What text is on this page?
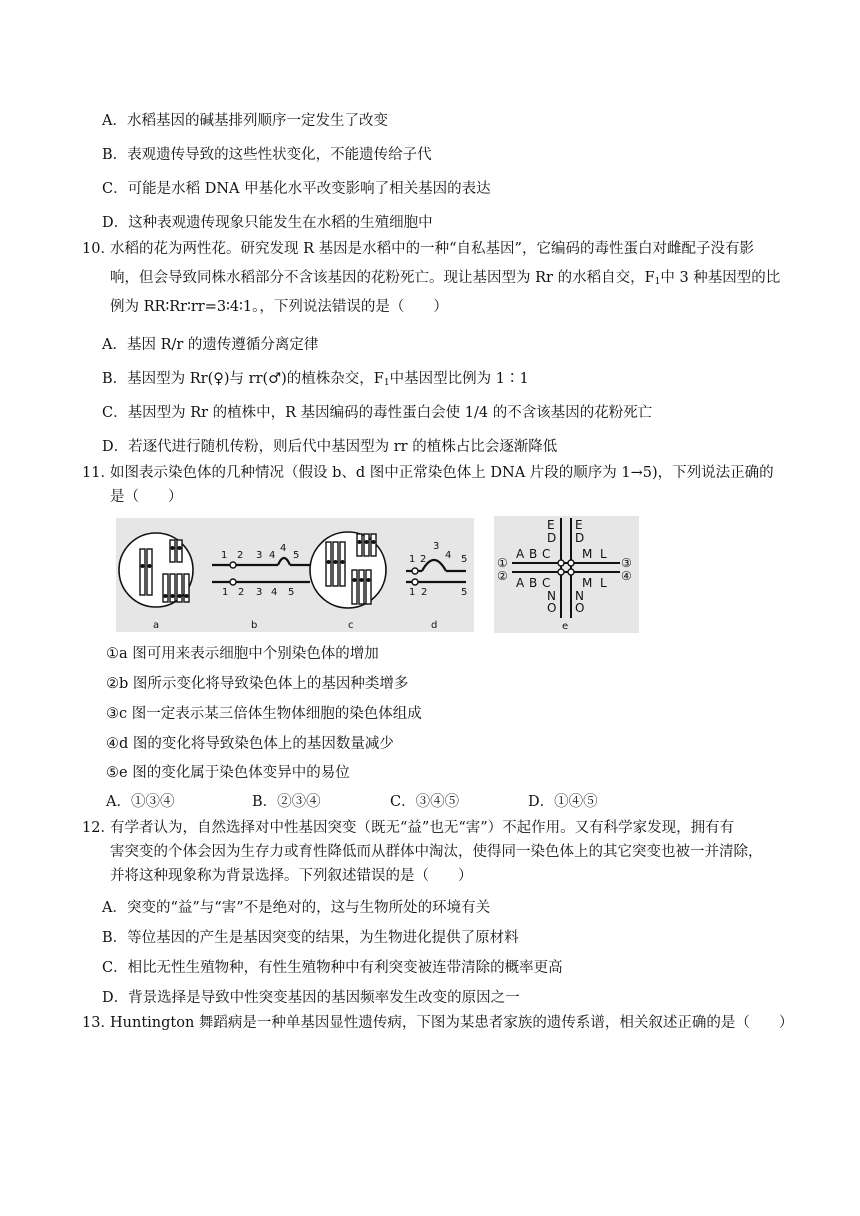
A．水稻基因的碱基排列顺序一定发生了改变
B．表观遗传导致的这些性状变化，不能遗传给子代
C．可能是水稻 DNA 甲基化水平改变影响了相关基因的表达
D．这种表观遗传现象只能发生在水稻的生殖细胞中
10．
水稻的花为两性花。研究发现 R 基因是水稻中的一种“自私基因”，它编码的毒性蛋白对雌配子没有影
响，但会导致同株水稻部分不含该基因的花粉死亡。现让基因型为 Rr 的水稻自交，$F_1$中 3 种基因型的比
例为 RR∶Rr∶rr=3∶4∶1。，下列说法错误的是（　　）
A．基因 R/r 的遗传遵循分离定律
B．基因型为 Rr(♀)与 rr(♂)的植株杂交，$F_1$中基因型比例为 1∶1
C．基因型为 Rr 的植株中，R 基因编码的毒性蛋白会使 1/4 的不含该基因的花粉死亡
D．若逐代进行随机传粉，则后代中基因型为 rr 的植株占比会逐渐降低
11．
如图表示染色体的几种情况（假设 b、d 图中正常染色体上 DNA 片段的顺序为 1→5)，下列说法正确的
是（　　）
1 2 3 4
4
5
1 2 3 4 5
1 2
3
4 5
1 2	5
a	b	c	d
E
D
E
D
A B C	M L
A B C	M L
N
O
N
O
①
②
③
④
e
①a 图可用来表示细胞中个别染色体的增加
②b 图所示变化将导致染色体上的基因种类增多
③c 图一定表示某三倍体生物体细胞的染色体组成
④d 图的变化将导致染色体上的基因数量减少
⑤e 图的变化属于染色体变异中的易位
A．①③④	B．②③④	C．③④⑤	D．①④⑤
12．
有学者认为，自然选择对中性基因突变（既无“益”也无“害”）不起作用。又有科学家发现，拥有有
害突变的个体会因为生存力或育性降低而从群体中淘汰，使得同一染色体上的其它突变也被一并清除，
并将这种现象称为背景选择。下列叙述错误的是（　　）
A．突变的“益”与“害”不是绝对的，这与生物所处的环境有关
B．等位基因的产生是基因突变的结果，为生物进化提供了原材料
C．相比无性生殖物种，有性生殖物种中有利突变被连带清除的概率更高
D．背景选择是导致中性突变基因的基因频率发生改变的原因之一
13．
Huntington 舞蹈病是一种单基因显性遗传病，下图为某患者家族的遗传系谱，相关叙述正确的是（　　）
